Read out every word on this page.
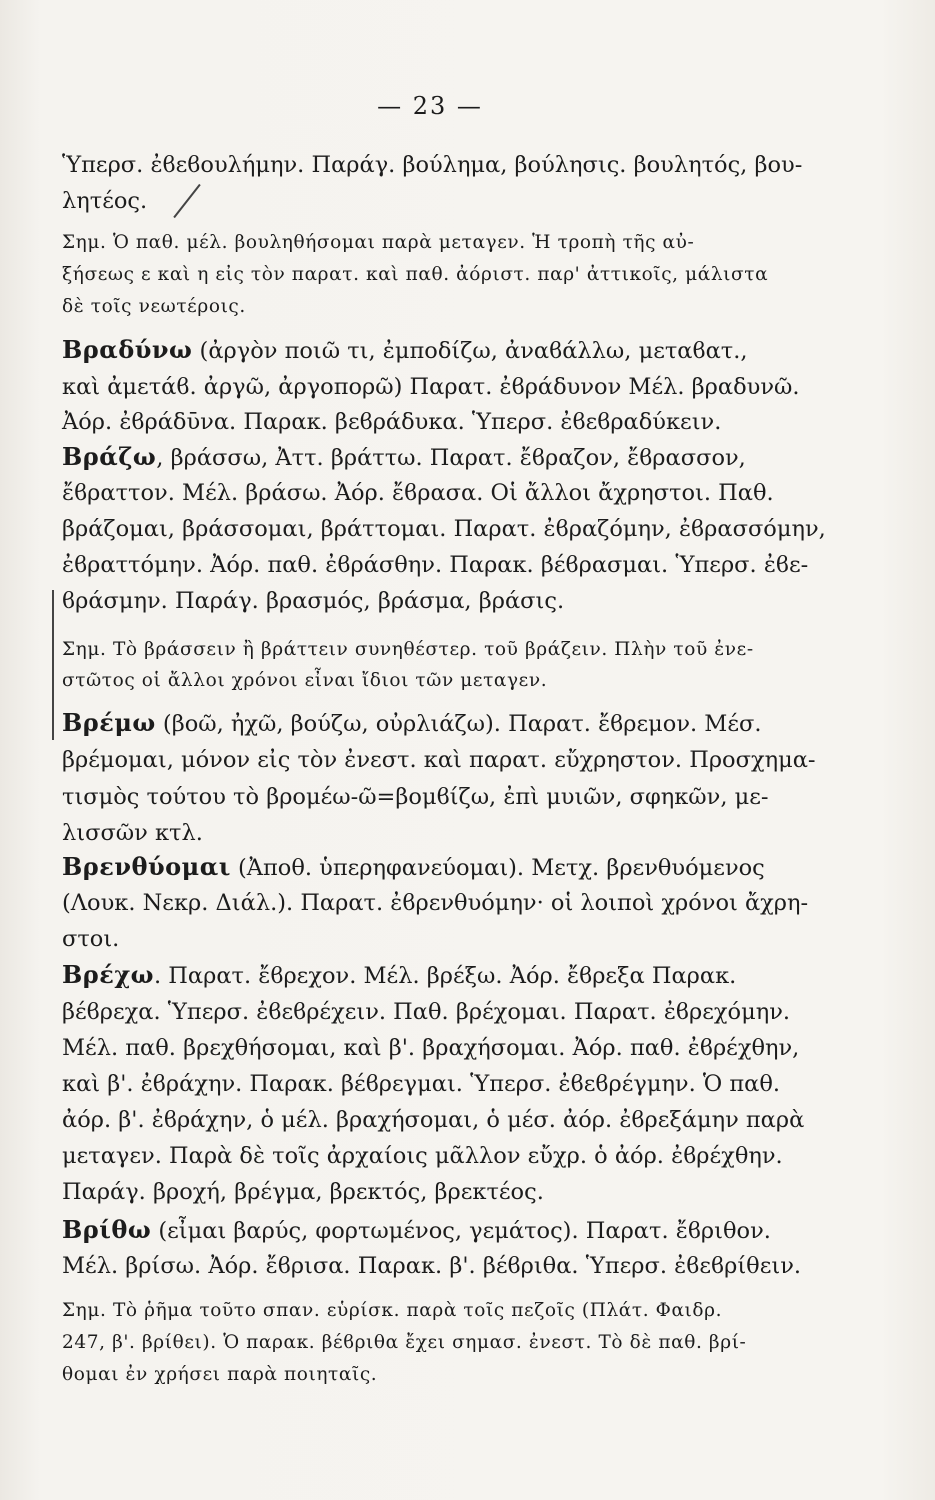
— 23 —
Ὑπερσ. ἐϐεϐουλήμην. Παράγ. βούλημα, βούλησις. βουλητός, βου-
λητέος.
Σημ. Ὁ παθ. μέλ. βουληθήσομαι παρὰ μεταγεν. Ἡ τροπὴ τῆς αὐ-
ξήσεως ε καὶ η εἰς τὸν παρατ. καὶ παθ. ἀόριστ. παρ' ἀττικοῖς, μάλιστα
δὲ τοῖς νεωτέροις.
Βραδύνω (ἀργὸν ποιῶ τι, ἐμποδίζω, ἀναϐάλλω, μεταϐατ.,
καὶ ἀμετάϐ. ἀργῶ, ἀργοπορῶ) Παρατ. ἐϐράδυνον Μέλ. βραδυνῶ.
Ἀόρ. ἐϐράδῡνα. Παρακ. βεϐράδυκα. Ὑπερσ. ἐϐεϐραδύκειν.
Βράζω, βράσσω, Ἀττ. βράττω. Παρατ. ἔϐραζον, ἔϐρασσον,
ἔϐραττον. Μέλ. βράσω. Ἀόρ. ἔϐρασα. Οἱ ἄλλοι ἄχρηστοι. Παθ.
βράζομαι, βράσσομαι, βράττομαι. Παρατ. ἐϐραζόμην, ἐϐρασσόμην,
ἐϐραττόμην. Ἀόρ. παθ. ἐϐράσθην. Παρακ. βέϐρασμαι. Ὑπερσ. ἐϐε-
ϐράσμην. Παράγ. βρασμός, βράσμα, βράσις.
Σημ. Τὸ βράσσειν ἢ βράττειν συνηθέστερ. τοῦ βράζειν. Πλὴν τοῦ ἐνε-
στῶτος οἱ ἄλλοι χρόνοι εἶναι ἴδιοι τῶν μεταγεν.
Βρέμω (βοῶ, ἠχῶ, βούζω, οὐρλιάζω). Παρατ. ἔϐρεμον. Μέσ.
βρέμομαι, μόνον εἰς τὸν ἐνεστ. καὶ παρατ. εὔχρηστον. Προσχημα-
τισμὸς τούτου τὸ βρομέω-ῶ=βομϐίζω, ἐπὶ μυιῶν, σφηκῶν, με-
λισσῶν κτλ.
Βρενθύομαι (Ἀποθ. ὑπερηφανεύομαι). Μετχ. βρενθυόμενος
(Λουκ. Νεκρ. Διάλ.). Παρατ. ἐϐρενθυόμην· οἱ λοιποὶ χρόνοι ἄχρη-
στοι.
Βρέχω. Παρατ. ἔϐρεχον. Μέλ. βρέξω. Ἀόρ. ἔϐρεξα Παρακ.
βέϐρεχα. Ὑπερσ. ἐϐεϐρέχειν. Παθ. βρέχομαι. Παρατ. ἐϐρεχόμην.
Μέλ. παθ. βρεχθήσομαι, καὶ β'. βραχήσομαι. Ἀόρ. παθ. ἐϐρέχθην,
καὶ β'. ἐϐράχην. Παρακ. βέϐρεγμαι. Ὑπερσ. ἐϐεϐρέγμην. Ὁ παθ.
ἀόρ. β'. ἐϐράχην, ὁ μέλ. βραχήσομαι, ὁ μέσ. ἀόρ. ἐϐρεξάμην παρὰ
μεταγεν. Παρὰ δὲ τοῖς ἀρχαίοις μᾶλλον εὔχρ. ὁ ἀόρ. ἐϐρέχθην.
Παράγ. βροχή, βρέγμα, βρεκτός, βρεκτέος.
Βρίθω (εἶμαι βαρύς, φορτωμένος, γεμάτος). Παρατ. ἔϐριθον.
Μέλ. βρίσω. Ἀόρ. ἔϐρισα. Παρακ. β'. βέϐριθα. Ὑπερσ. ἐϐεϐρίθειν.
Σημ. Τὸ ῥῆμα τοῦτο σπαν. εὑρίσκ. παρὰ τοῖς πεζοῖς (Πλάτ. Φαιδρ.
247, β'. βρίθει). Ὁ παρακ. βέϐριθα ἔχει σημασ. ἐνεστ. Τὸ δὲ παθ. βρί-
θομαι ἐν χρήσει παρὰ ποιηταῖς.
